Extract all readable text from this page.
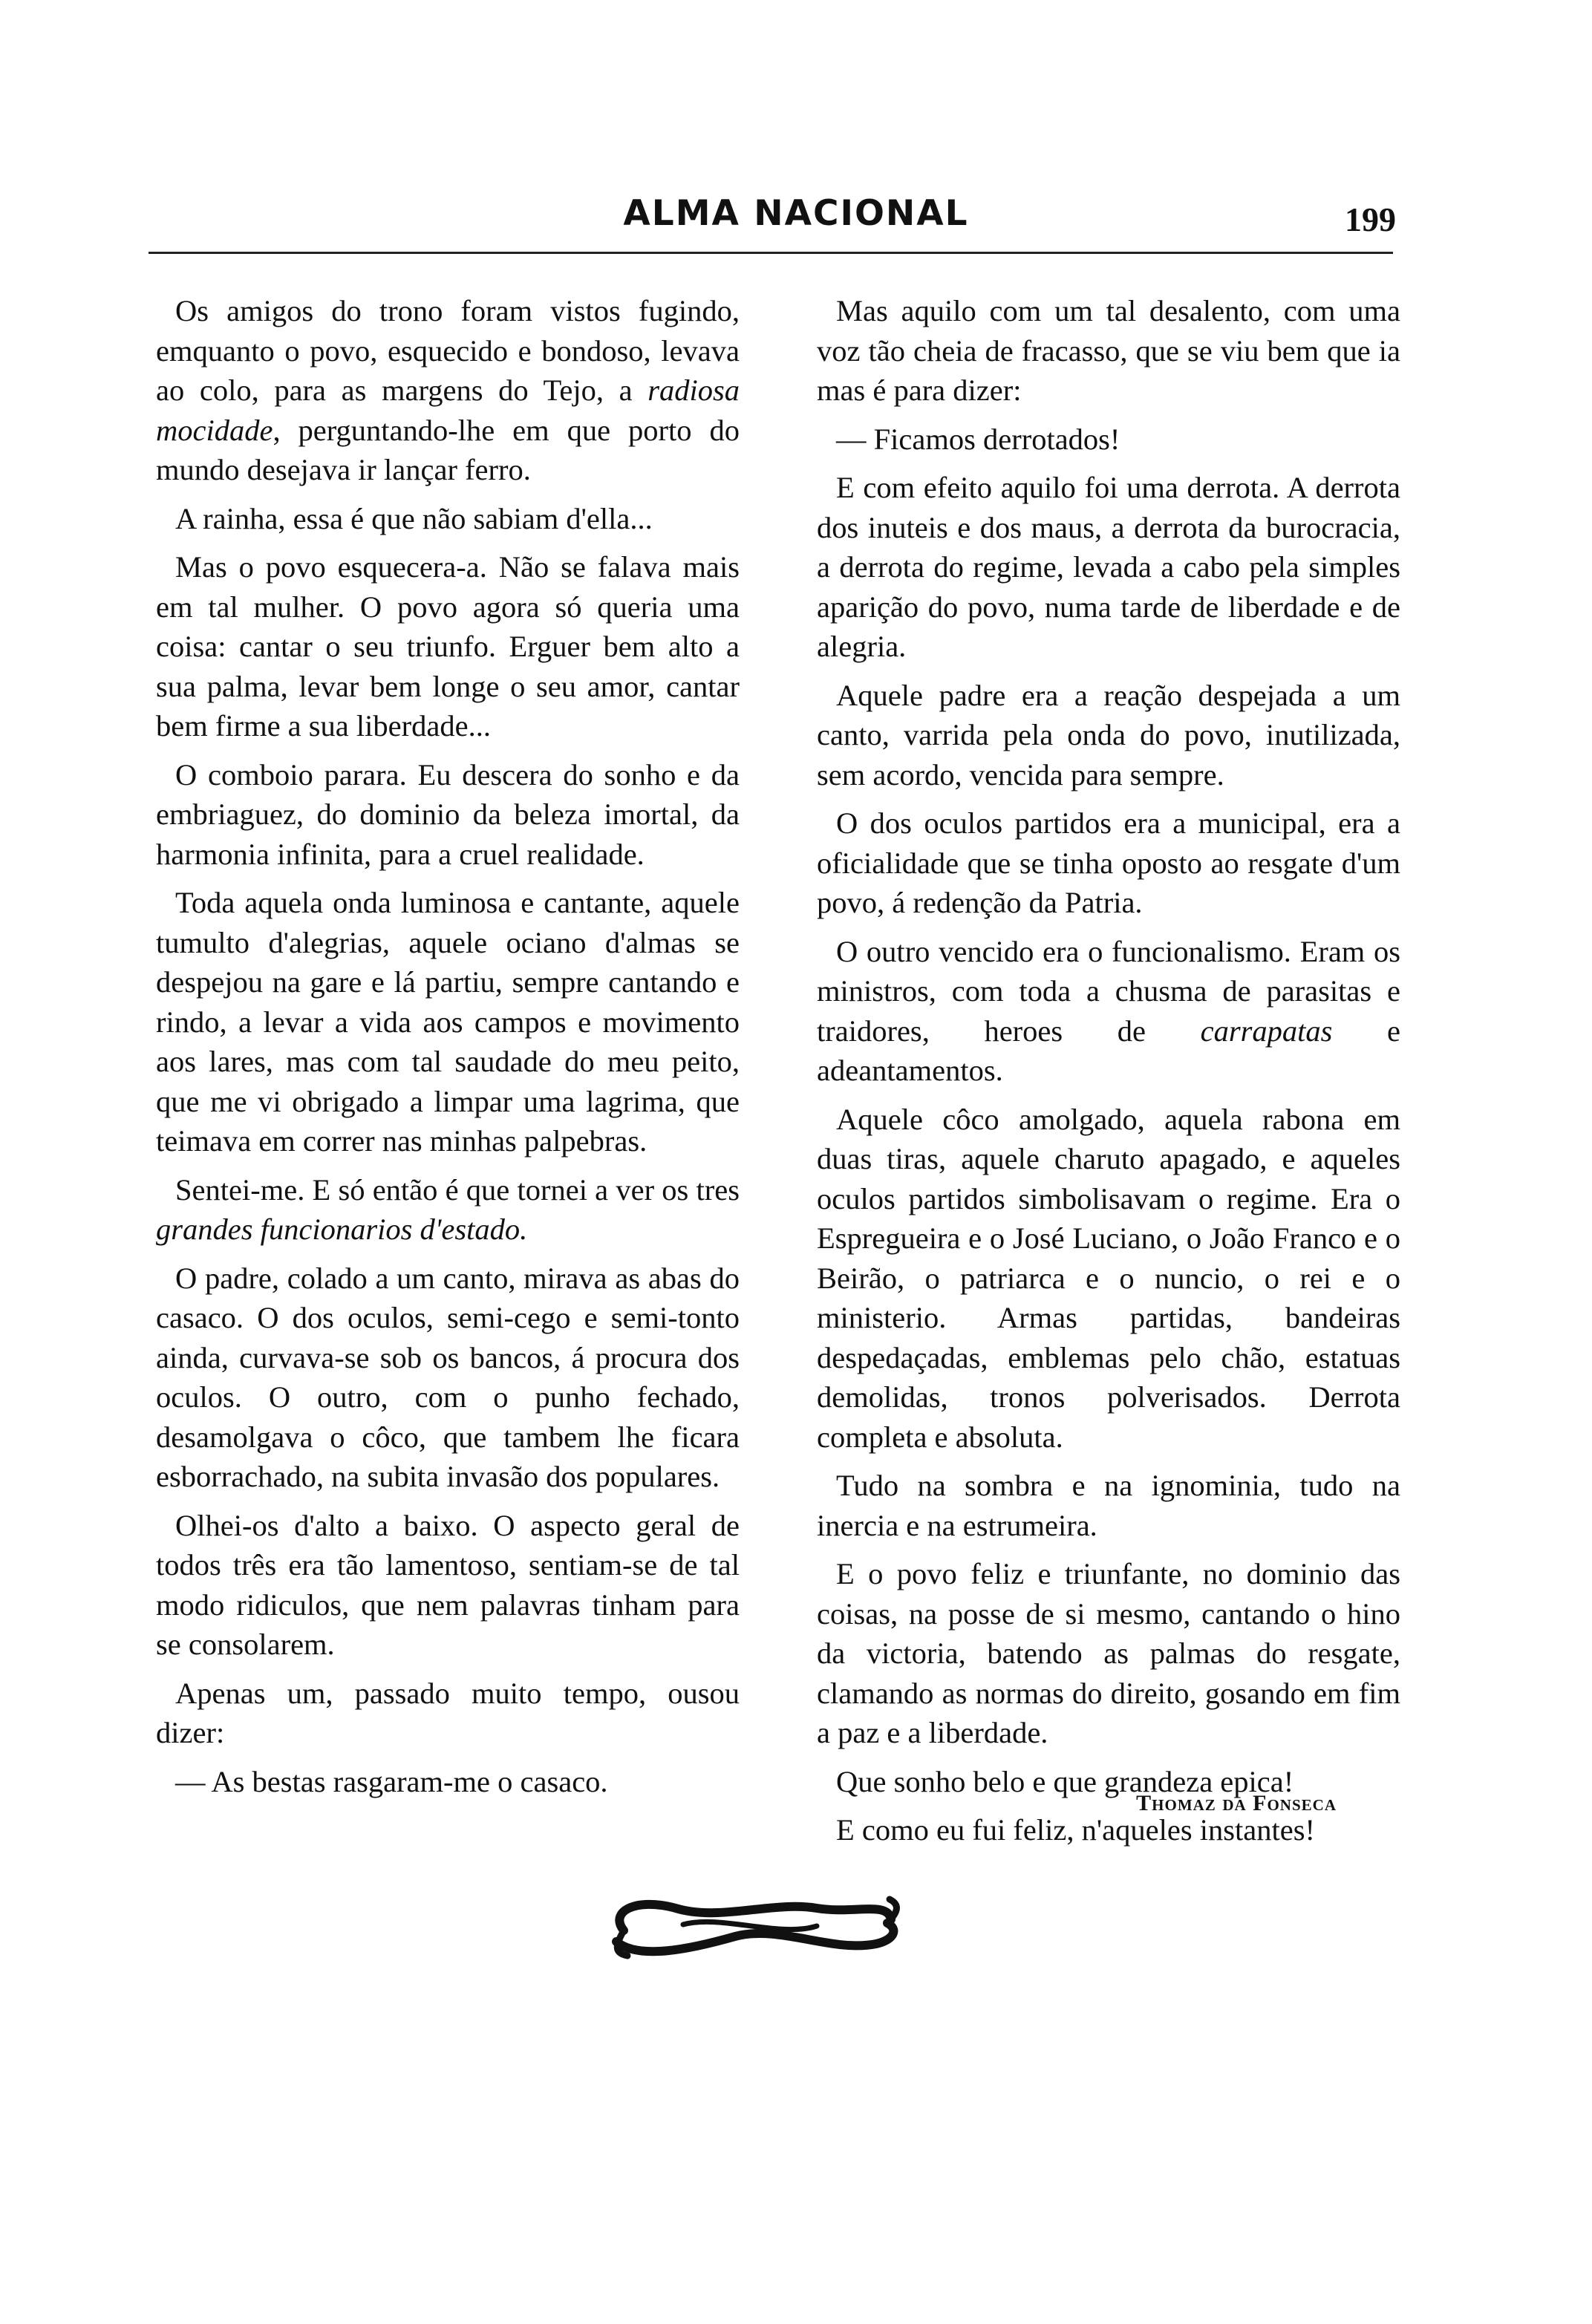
ALMA NACIONAL	199

Os amigos do trono foram vistos fugindo, emquanto o povo, esquecido e bondoso, levava ao colo, para as margens do Tejo, a radiosa mocidade, perguntando-lhe em que porto do mundo desejava ir lançar ferro.

A rainha, essa é que não sabiam d'ella...

Mas o povo esquecera-a. Não se falava mais em tal mulher. O povo agora só queria uma coisa: cantar o seu triunfo. Erguer bem alto a sua palma, levar bem longe o seu amor, cantar bem firme a sua liberdade...

O comboio parara. Eu descera do sonho e da embriaguez, do dominio da beleza imortal, da harmonia infinita, para a cruel realidade.

Toda aquela onda luminosa e cantante, aquele tumulto d'alegrias, aquele ociano d'almas se despejou na gare e lá partiu, sempre cantando e rindo, a levar a vida aos campos e movimento aos lares, mas com tal saudade do meu peito, que me vi obrigado a limpar uma lagrima, que teimava em correr nas minhas palpebras.

Sentei-me. E só então é que tornei a ver os tres grandes funcionarios d'estado.

O padre, colado a um canto, mirava as abas do casaco. O dos oculos, semi-cego e semi-tonto ainda, curvava-se sob os bancos, á procura dos oculos. O outro, com o punho fechado, desamolgava o côco, que tambem lhe ficara esborrachado, na subita invasão dos populares.

Olhei-os d'alto a baixo. O aspecto geral de todos três era tão lamentoso, sentiam-se de tal modo ridiculos, que nem palavras tinham para se consolarem.

Apenas um, passado muito tempo, ousou dizer:

— As bestas rasgaram-me o casaco.

Mas aquilo com um tal desalento, com uma voz tão cheia de fracasso, que se viu bem que ia mas é para dizer:

— Ficamos derrotados!

E com efeito aquilo foi uma derrota. A derrota dos inuteis e dos maus, a derrota da burocracia, a derrota do regime, levada a cabo pela simples aparição do povo, numa tarde de liberdade e de alegria.

Aquele padre era a reação despejada a um canto, varrida pela onda do povo, inutilizada, sem acordo, vencida para sempre.

O dos oculos partidos era a municipal, era a oficialidade que se tinha oposto ao resgate d'um povo, á redenção da Patria.

O outro vencido era o funcionalismo. Eram os ministros, com toda a chusma de parasitas e traidores, heroes de carrapatas e adeantamentos.

Aquele côco amolgado, aquela rabona em duas tiras, aquele charuto apagado, e aqueles oculos partidos simbolisavam o regime. Era o Espregueira e o José Luciano, o João Franco e o Beirão, o patriarca e o nuncio, o rei e o ministerio. Armas partidas, bandeiras despedaçadas, emblemas pelo chão, estatuas demolidas, tronos polverisados. Derrota completa e absoluta.

Tudo na sombra e na ignominia, tudo na inercia e na estrumeira.

E o povo feliz e triunfante, no dominio das coisas, na posse de si mesmo, cantando o hino da victoria, batendo as palmas do resgate, clamando as normas do direito, gosando em fim a paz e a liberdade.

Que sonho belo e que grandeza epica!

E como eu fui feliz, n'aqueles instantes!

Thomaz da Fonseca
